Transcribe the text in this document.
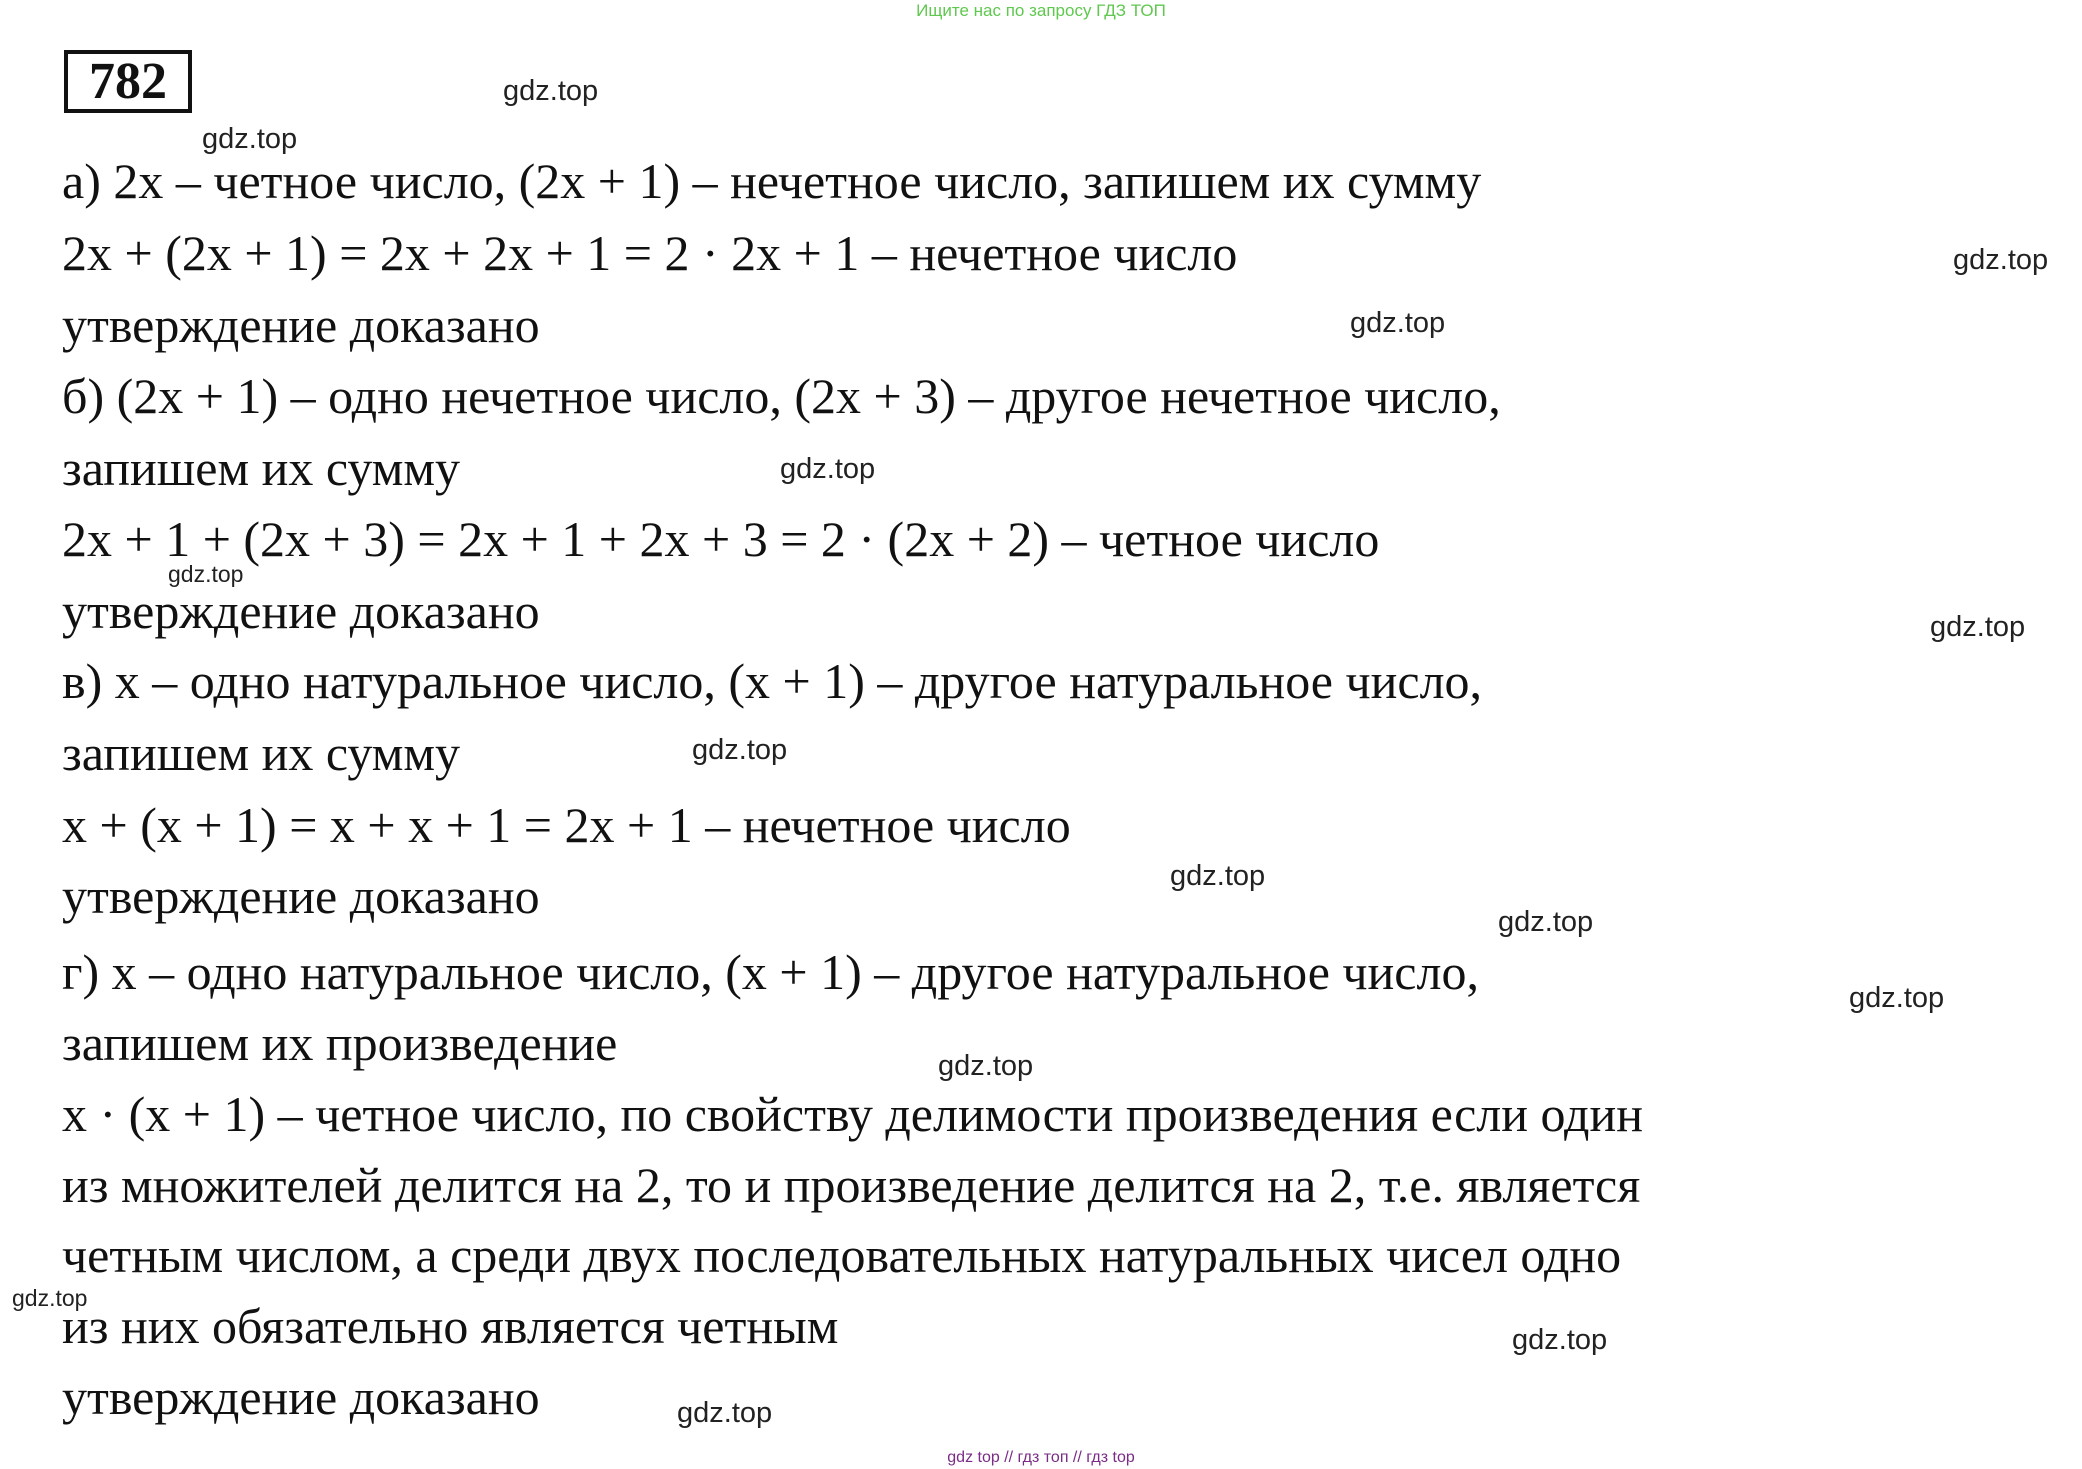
Ищите нас по запросу ГДЗ ТОП
782
а) 2х – четное число, (2х + 1) – нечетное число, запишем их сумму
2х + (2х + 1) = 2х + 2х + 1 = 2 · 2х + 1 – нечетное число
утверждение доказано
б) (2х + 1) – одно нечетное число, (2х + 3) – другое нечетное число,
запишем их сумму
2х + 1 + (2х + 3) = 2х + 1 + 2х + 3 = 2 · (2х + 2) – четное число
утверждение доказано
в) х – одно натуральное число, (х + 1) – другое натуральное число,
запишем их сумму
х + (х + 1) = х + х + 1 = 2х + 1 – нечетное число
утверждение доказано
г) х – одно натуральное число, (х + 1) – другое натуральное число,
запишем их произведение
х · (х + 1) – четное число, по свойству делимости произведения если один
из множителей делится на 2, то и произведение делится на 2, т.е. является
четным числом, а среди двух последовательных натуральных чисел одно
из них обязательно является четным
утверждение доказано
gdz.top
gdz.top
gdz.top
gdz.top
gdz.top
gdz.top
gdz.top
gdz.top
gdz.top
gdz.top
gdz.top
gdz.top
gdz.top
gdz.top
gdz.top
gdz top // гдз топ // гдз top
